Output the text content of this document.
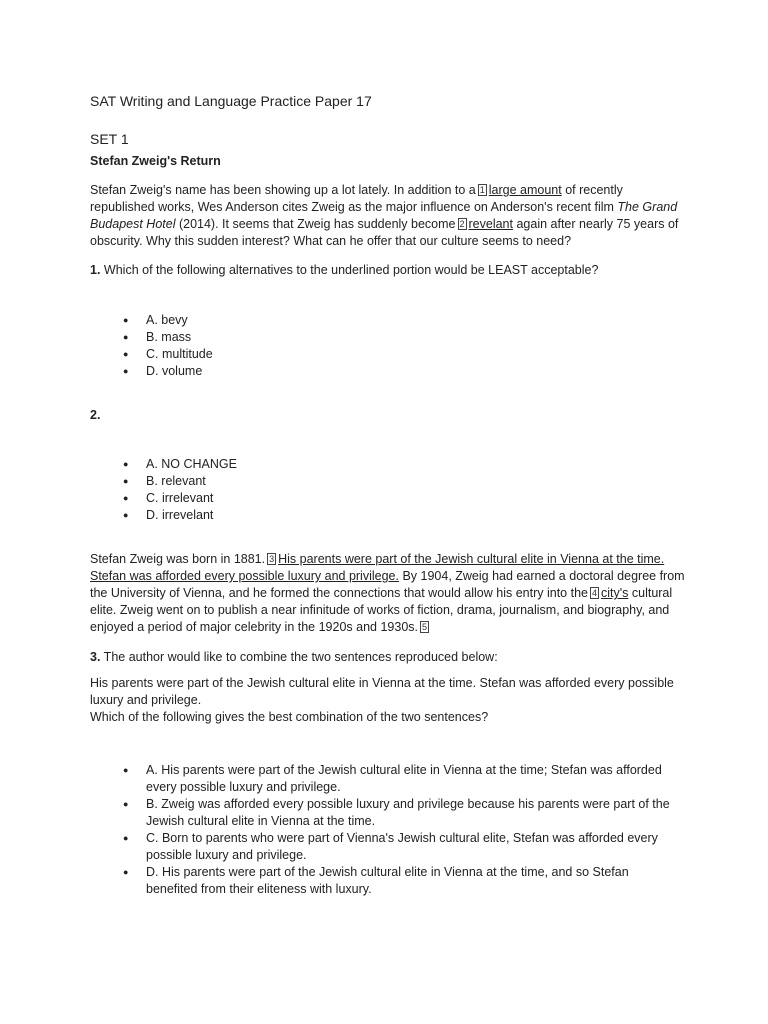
SAT Writing and Language Practice Paper 17
SET 1
Stefan Zweig's Return

Stefan Zweig's name has been showing up a lot lately. In addition to a 1 large amount of recently republished works, Wes Anderson cites Zweig as the major influence on Anderson's recent film The Grand Budapest Hotel (2014). It seems that Zweig has suddenly become 2 revelant again after nearly 75 years of obscurity. Why this sudden interest? What can he offer that our culture seems to need?

1. Which of the following alternatives to the underlined portion would be LEAST acceptable?

● A. bevy
● B. mass
● C. multitude
● D. volume

2.

● A. NO CHANGE
● B. relevant
● C. irrelevant
● D. irrevelant

Stefan Zweig was born in 1881. 3 His parents were part of the Jewish cultural elite in Vienna at the time. Stefan was afforded every possible luxury and privilege. By 1904, Zweig had earned a doctoral degree from the University of Vienna, and he formed the connections that would allow his entry into the 4 city's cultural elite. Zweig went on to publish a near infinitude of works of fiction, drama, journalism, and biography, and enjoyed a period of major celebrity in the 1920s and 1930s. 5

3. The author would like to combine the two sentences reproduced below:

His parents were part of the Jewish cultural elite in Vienna at the time. Stefan was afforded every possible luxury and privilege.

Which of the following gives the best combination of the two sentences?

● A. His parents were part of the Jewish cultural elite in Vienna at the time; Stefan was afforded every possible luxury and privilege.
● B. Zweig was afforded every possible luxury and privilege because his parents were part of the Jewish cultural elite in Vienna at the time.
● C. Born to parents who were part of Vienna's Jewish cultural elite, Stefan was afforded every possible luxury and privilege.
● D. His parents were part of the Jewish cultural elite in Vienna at the time, and so Stefan benefited from their eliteness with luxury.
